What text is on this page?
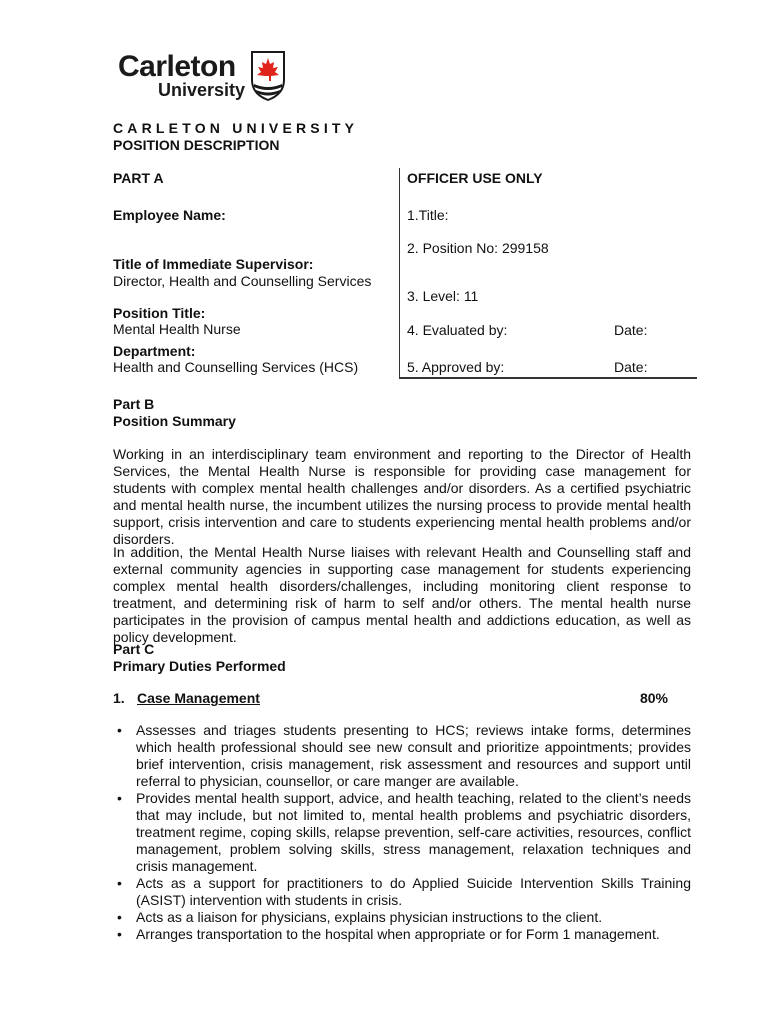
Carleton
University
CARLETON UNIVERSITY
POSITION DESCRIPTION
PART A
Employee Name:
Title of Immediate Supervisor:
Director, Health and Counselling Services
Position Title:
Mental Health Nurse
Department:
Health and Counselling Services (HCS)
OFFICER USE ONLY
1.Title:
2. Position No: 299158
3. Level: 11
4. Evaluated by:	Date:
5. Approved by:	Date:
Part B
Position Summary
Working in an interdisciplinary team environment and reporting to the Director of Health Services, the Mental Health Nurse is responsible for providing case management for students with complex mental health challenges and/or disorders. As a certified psychiatric and mental health nurse, the incumbent utilizes the nursing process to provide mental health support, crisis intervention and care to students experiencing mental health problems and/or disorders.
In addition, the Mental Health Nurse liaises with relevant Health and Counselling staff and external community agencies in supporting case management for students experiencing complex mental health disorders/challenges, including monitoring client response to treatment, and determining risk of harm to self and/or others. The mental health nurse participates in the provision of campus mental health and addictions education, as well as policy development.
Part C
Primary Duties Performed
1. Case Management	80%
• Assesses and triages students presenting to HCS; reviews intake forms, determines which health professional should see new consult and prioritize appointments; provides brief intervention, crisis management, risk assessment and resources and support until referral to physician, counsellor, or care manger are available.
• Provides mental health support, advice, and health teaching, related to the client’s needs that may include, but not limited to, mental health problems and psychiatric disorders, treatment regime, coping skills, relapse prevention, self-care activities, resources, conflict management, problem solving skills, stress management, relaxation techniques and crisis management.
• Acts as a support for practitioners to do Applied Suicide Intervention Skills Training (ASIST) intervention with students in crisis.
• Acts as a liaison for physicians, explains physician instructions to the client.
• Arranges transportation to the hospital when appropriate or for Form 1 management.
